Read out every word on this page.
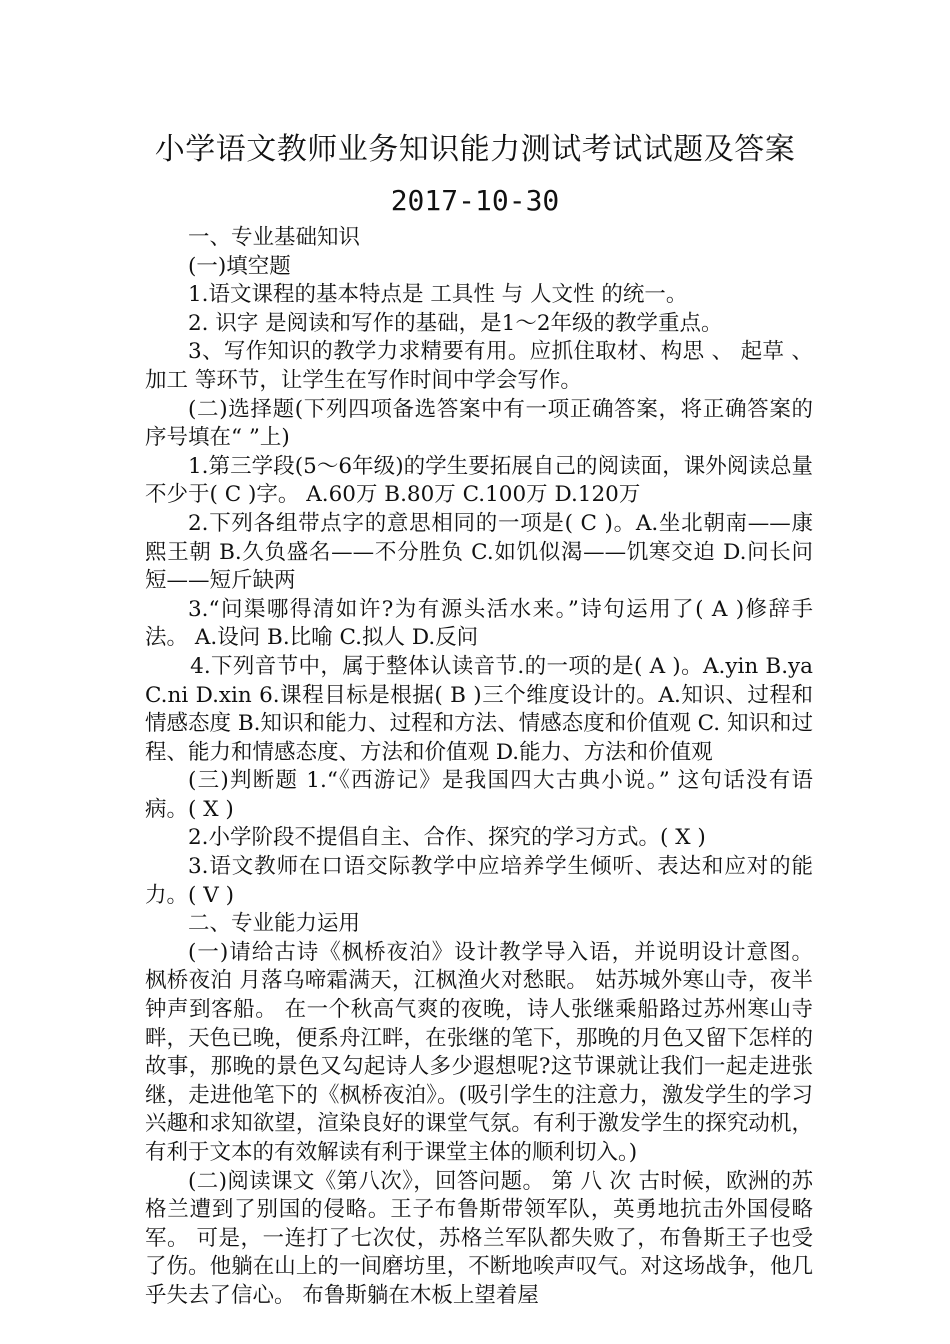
小学语文教师业务知识能力测试考试试题及答案
2017-10-30

一、专业基础知识

(一)填空题

1.语文课程的基本特点是 工具性 与 人文性 的统一。

2. 识字 是阅读和写作的基础，是1～2年级的教学重点。

3、写作知识的教学力求精要有用。应抓住取材、构思 、 起草 、 加工 等环节，让学生在写作时间中学会写作。

(二)选择题(下列四项备选答案中有一项正确答案，将正确答案的序号填在“ ”上)

1.第三学段(5～6年级)的学生要拓展自己的阅读面，课外阅读总量不少于( C )字。 A.60万 B.80万 C.100万 D.120万

2.下列各组带点字的意思相同的一项是( C )。A.坐北朝南——康熙王朝 B.久负盛名——不分胜负 C.如饥似渴——饥寒交迫 D.问长问短——短斤缺两

3.“问渠哪得清如许?为有源头活水来。”诗句运用了( A )修辞手法。 A.设问 B.比喻 C.拟人 D.反问

4.下列音节中，属于整体认读音节.的一项的是( A )。A.yin B.ya C.ni D.xin 6.课程目标是根据( B )三个维度设计的。A.知识、过程和情感态度 B.知识和能力、过程和方法、情感态度和价值观 C. 知识和过程、能力和情感态度、方法和价值观 D.能力、方法和价值观

(三)判断题 1.“《西游记》是我国四大古典小说。” 这句话没有语病。( X )

2.小学阶段不提倡自主、合作、探究的学习方式。( X )

3.语文教师在口语交际教学中应培养学生倾听、表达和应对的能力。( V )

二、专业能力运用

(一)请给古诗《枫桥夜泊》设计教学导入语，并说明设计意图。 枫桥夜泊 月落乌啼霜满天，江枫渔火对愁眠。 姑苏城外寒山寺，夜半钟声到客船。 在一个秋高气爽的夜晚，诗人张继乘船路过苏州寒山寺畔，天色已晚，便系舟江畔，在张继的笔下，那晚的月色又留下怎样的故事，那晚的景色又勾起诗人多少遐想呢?这节课就让我们一起走进张继，走进他笔下的《枫桥夜泊》。(吸引学生的注意力，激发学生的学习兴趣和求知欲望，渲染良好的课堂气氛。有利于激发学生的探究动机，有利于文本的有效解读有利于课堂主体的顺利切入。)

(二)阅读课文《第八次》，回答问题。 第 八 次 古时候，欧洲的苏格兰遭到了别国的侵略。王子布鲁斯带领军队，英勇地抗击外国侵略军。 可是，一连打了七次仗，苏格兰军队都失败了，布鲁斯王子也受了伤。他躺在山上的一间磨坊里，不断地唉声叹气。对这场战争，他几乎失去了信心。 布鲁斯躺在木板上望着屋
